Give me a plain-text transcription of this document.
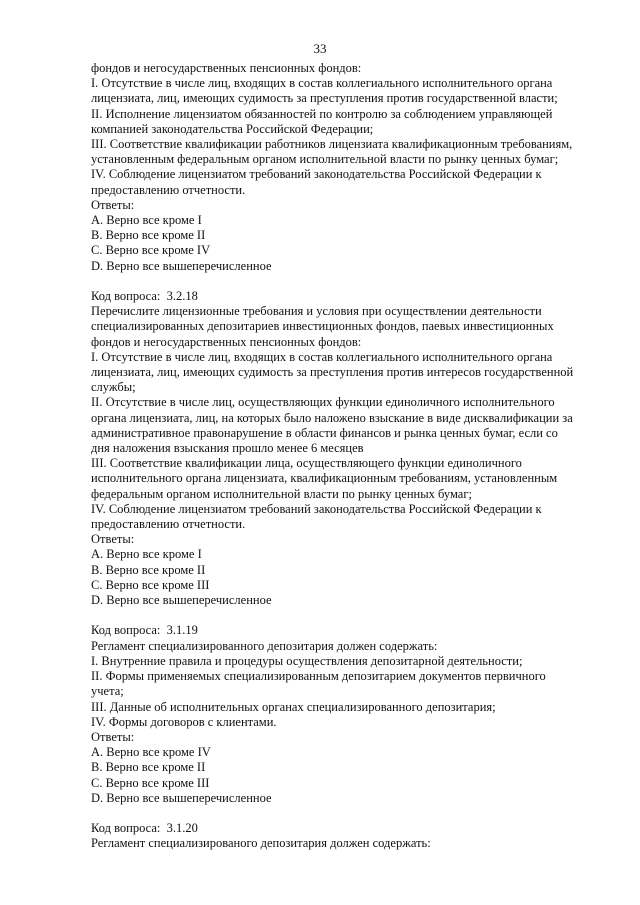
33
фондов и негосударственных пенсионных фондов:
I. Отсутствие в числе лиц, входящих в состав коллегиального исполнительного органа
лицензиата, лиц, имеющих судимость за преступления против государственной власти;
II. Исполнение лицензиатом обязанностей по контролю за соблюдением управляющей
компанией законодательства Российской Федерации;
III. Соответствие квалификации работников лицензиата квалификационным требованиям,
установленным федеральным органом исполнительной власти по рынку ценных бумаг;
IV. Соблюдение лицензиатом требований законодательства Российской Федерации к
предоставлению отчетности.
Ответы:
A. Верно все кроме I
B. Верно все кроме II
C. Верно все кроме IV
D. Верно все вышеперечисленное
Код вопроса:  3.2.18
Перечислите лицензионные требования и условия при осуществлении деятельности
специализированных депозитариев инвестиционных фондов, паевых инвестиционных
фондов и негосударственных пенсионных фондов:
I. Отсутствие в числе лиц, входящих в состав коллегиального исполнительного органа
лицензиата, лиц, имеющих судимость за преступления против интересов государственной
службы;
II. Отсутствие в числе лиц, осуществляющих функции единоличного исполнительного
органа лицензиата, лиц, на которых было наложено взыскание в виде дисквалификации за
административное правонарушение в области финансов и рынка ценных бумаг, если со
дня наложения взыскания прошло менее 6 месяцев
III. Соответствие квалификации лица, осуществляющего функции единоличного
исполнительного органа лицензиата, квалификационным требованиям, установленным
федеральным органом исполнительной власти по рынку ценных бумаг;
IV. Соблюдение лицензиатом требований законодательства Российской Федерации к
предоставлению отчетности.
Ответы:
A. Верно все кроме I
B. Верно все кроме II
C. Верно все кроме III
D. Верно все вышеперечисленное
Код вопроса:  3.1.19
Регламент специализированного депозитария должен содержать:
I. Внутренние правила и процедуры осуществления депозитарной деятельности;
II. Формы применяемых специализированным депозитарием документов первичного
учета;
III. Данные об исполнительных органах специализированного депозитария;
IV. Формы договоров с клиентами.
Ответы:
A. Верно все кроме IV
B. Верно все кроме II
C. Верно все кроме III
D. Верно все вышеперечисленное
Код вопроса:  3.1.20
Регламент специализированого депозитария должен содержать:
